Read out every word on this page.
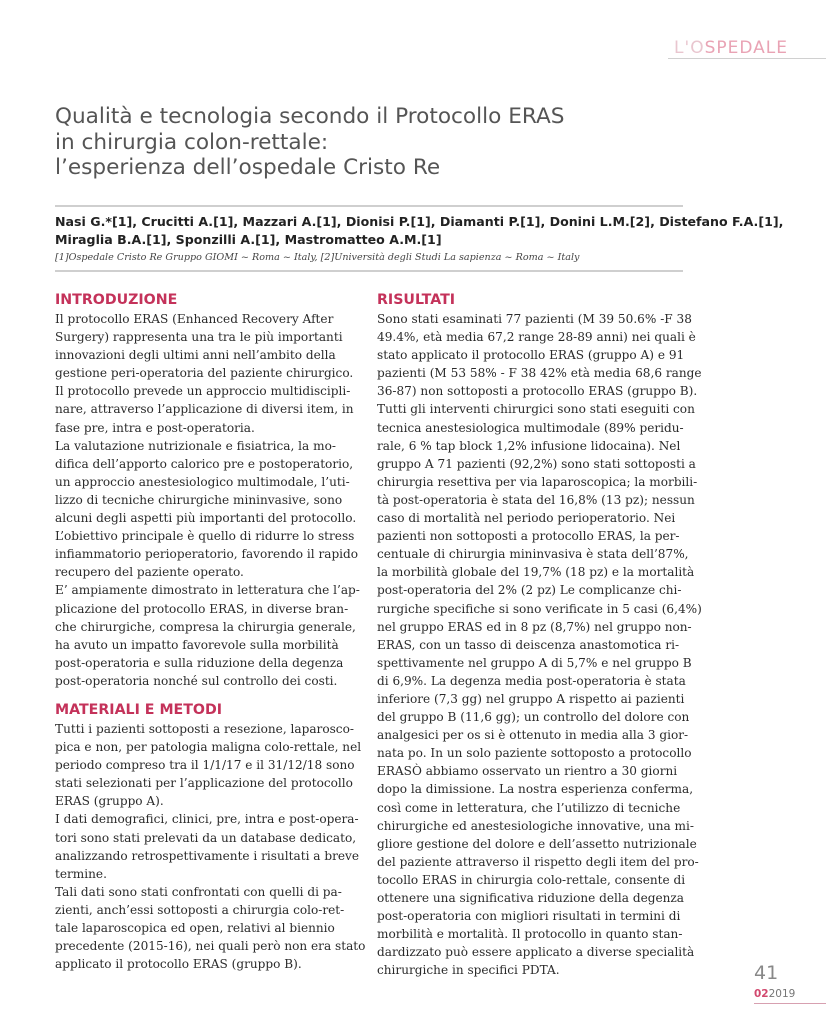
L'OSPEDALE
Qualità e tecnologia secondo il Protocollo ERAS
in chirurgia colon-rettale:
l’esperienza dell’ospedale Cristo Re
Nasi G.*[1], Crucitti A.[1], Mazzari A.[1], Dionisi P.[1], Diamanti P.[1], Donini L.M.[2], Distefano F.A.[1],
Miraglia B.A.[1], Sponzilli A.[1], Mastromatteo A.M.[1]
[1]Ospedale Cristo Re Gruppo GIOMI ~ Roma ~ Italy, [2]Università degli Studi La sapienza ~ Roma ~ Italy
INTRODUZIONE
Il protocollo ERAS (Enhanced Recovery After
Surgery) rappresenta una tra le più importanti
innovazioni degli ultimi anni nell’ambito della
gestione peri-operatoria del paziente chirurgico.
Il protocollo prevede un approccio multidiscipli-
nare, attraverso l’applicazione di diversi item, in
fase pre, intra e post-operatoria.
La valutazione nutrizionale e fisiatrica, la mo-
difica dell’apporto calorico pre e postoperatorio,
un approccio anestesiologico multimodale, l’uti-
lizzo di tecniche chirurgiche mininvasive, sono
alcuni degli aspetti più importanti del protocollo.
L’obiettivo principale è quello di ridurre lo stress
infiammatorio perioperatorio, favorendo il rapido
recupero del paziente operato.
E’ ampiamente dimostrato in letteratura che l’ap-
plicazione del protocollo ERAS, in diverse bran-
che chirurgiche, compresa la chirurgia generale,
ha avuto un impatto favorevole sulla morbilità
post-operatoria e sulla riduzione della degenza
post-operatoria nonché sul controllo dei costi.
MATERIALI E METODI
Tutti i pazienti sottoposti a resezione, laparosco-
pica e non, per patologia maligna colo-rettale, nel
periodo compreso tra il 1/1/17 e il 31/12/18 sono
stati selezionati per l’applicazione del protocollo
ERAS (gruppo A).
I dati demografici, clinici, pre, intra e post-opera-
tori sono stati prelevati da un database dedicato,
analizzando retrospettivamente i risultati a breve
termine.
Tali dati sono stati confrontati con quelli di pa-
zienti, anch’essi sottoposti a chirurgia colo-ret-
tale laparoscopica ed open, relativi al biennio
precedente (2015-16), nei quali però non era stato
applicato il protocollo ERAS (gruppo B).
RISULTATI
Sono stati esaminati 77 pazienti (M 39 50.6% -F 38
49.4%, età media 67,2 range 28-89 anni) nei quali è
stato applicato il protocollo ERAS (gruppo A) e 91
pazienti (M 53 58% - F 38 42% età media 68,6 range
36-87) non sottoposti a protocollo ERAS (gruppo B).
Tutti gli interventi chirurgici sono stati eseguiti con
tecnica anestesiologica multimodale (89% peridu-
rale, 6 % tap block 1,2% infusione lidocaina). Nel
gruppo A 71 pazienti (92,2%) sono stati sottoposti a
chirurgia resettiva per via laparoscopica; la morbili-
tà post-operatoria è stata del 16,8% (13 pz); nessun
caso di mortalità nel periodo perioperatorio. Nei
pazienti non sottoposti a protocollo ERAS, la per-
centuale di chirurgia mininvasiva è stata dell’87%,
la morbilità globale del 19,7% (18 pz) e la mortalità
post-operatoria del 2% (2 pz) Le complicanze chi-
rurgiche specifiche si sono verificate in 5 casi (6,4%)
nel gruppo ERAS ed in 8 pz (8,7%) nel gruppo non-
ERAS, con un tasso di deiscenza anastomotica ri-
spettivamente nel gruppo A di 5,7% e nel gruppo B
di 6,9%. La degenza media post-operatoria è stata
inferiore (7,3 gg) nel gruppo A rispetto ai pazienti
del gruppo B (11,6 gg); un controllo del dolore con
analgesici per os si è ottenuto in media alla 3 gior-
nata po. In un solo paziente sottoposto a protocollo
ERASÒ abbiamo osservato un rientro a 30 giorni
dopo la dimissione. La nostra esperienza conferma,
così come in letteratura, che l’utilizzo di tecniche
chirurgiche ed anestesiologiche innovative, una mi-
gliore gestione del dolore e dell’assetto nutrizionale
del paziente attraverso il rispetto degli item del pro-
tocollo ERAS in chirurgia colo-rettale, consente di
ottenere una significativa riduzione della degenza
post-operatoria con migliori risultati in termini di
morbilità e mortalità. Il protocollo in quanto stan-
dardizzato può essere applicato a diverse specialità
chirurgiche in specifici PDTA.	41
022019
